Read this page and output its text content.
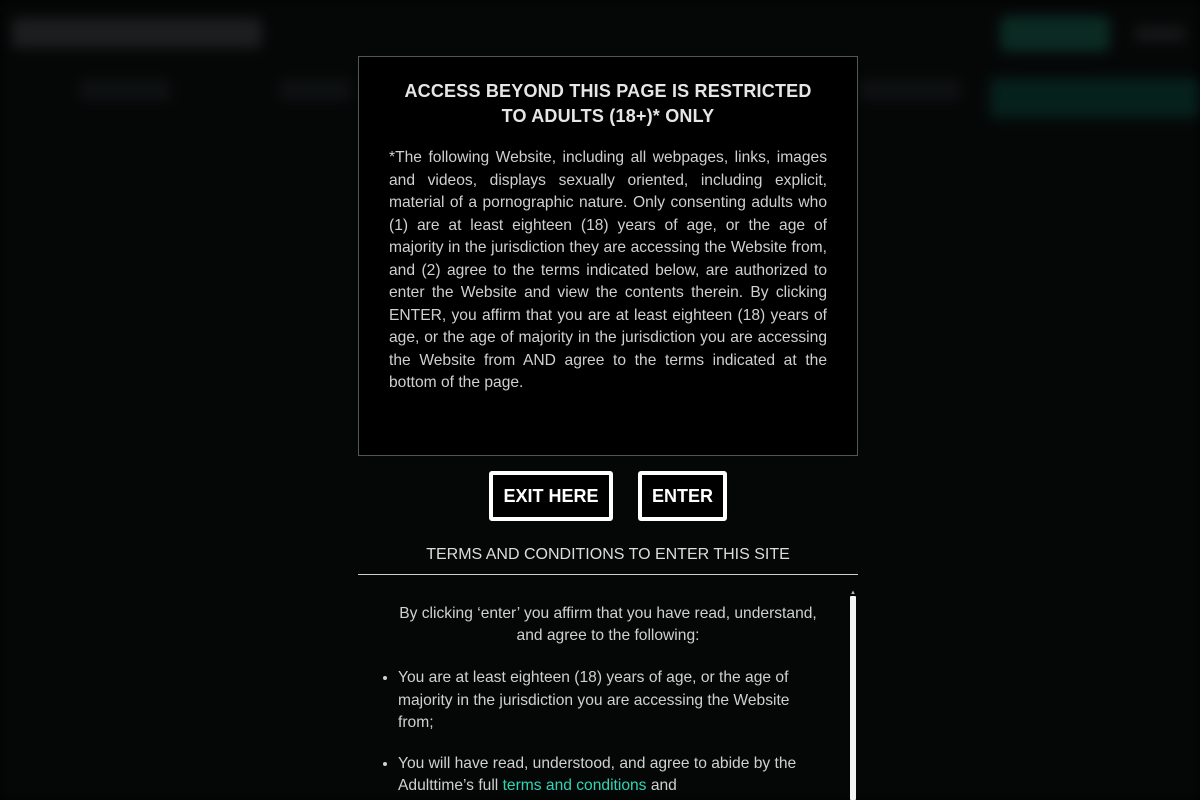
ACCESS BEYOND THIS PAGE IS RESTRICTED
TO ADULTS (18+)* ONLY
*The following Website, including all webpages, links, images and videos, displays sexually oriented, including explicit, material of a pornographic nature. Only consenting adults who (1) are at least eighteen (18) years of age, or the age of majority in the jurisdiction they are accessing the Website from, and (2) agree to the terms indicated below, are authorized to enter the Website and view the contents therein. By clicking ENTER, you affirm that you are at least eighteen (18) years of age, or the age of majority in the jurisdiction you are accessing the Website from AND agree to the terms indicated at the bottom of the page.
EXIT HERE	ENTER
TERMS AND CONDITIONS TO ENTER THIS SITE

By clicking ‘enter’ you affirm that you have read, understand, and agree to the following:

• You are at least eighteen (18) years of age, or the age of majority in the jurisdiction you are accessing the Website from;
• You will have read, understood, and agree to abide by the Adulttime’s full terms and conditions and
▲
